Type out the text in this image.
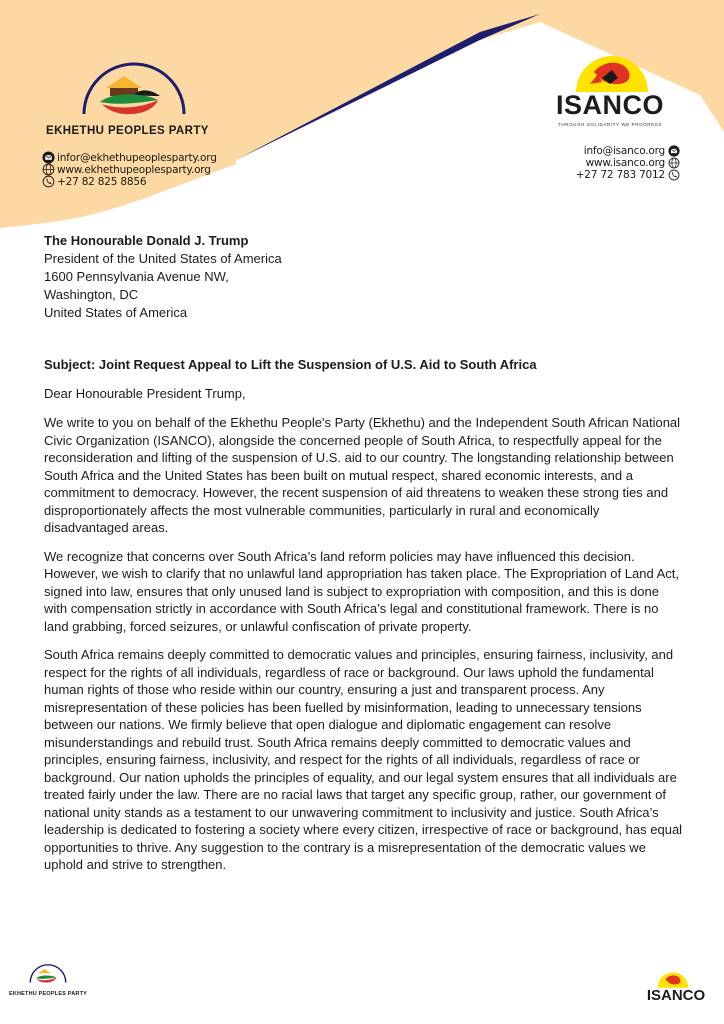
EKHETHU PEOPLES PARTY
infor@ekhethupeoplesparty.org
www.ekhethupeoplesparty.org
+27 82 825 8856
ISANCO
THROUGH SOLIDARITY WE PROGRESS
info@isanco.org
www.isanco.org
+27 72 783 7012
The Honourable Donald J. Trump
President of the United States of America
1600 Pennsylvania Avenue NW,
Washington, DC
United States of America

Subject: Joint Request Appeal to Lift the Suspension of U.S. Aid to South Africa

Dear Honourable President Trump,

We write to you on behalf of the Ekhethu People's Party (Ekhethu) and the Independent South African National Civic Organization (ISANCO), alongside the concerned people of South Africa, to respectfully appeal for the reconsideration and lifting of the suspension of U.S. aid to our country. The longstanding relationship between South Africa and the United States has been built on mutual respect, shared economic interests, and a commitment to democracy. However, the recent suspension of aid threatens to weaken these strong ties and disproportionately affects the most vulnerable communities, particularly in rural and economically disadvantaged areas.

We recognize that concerns over South Africa’s land reform policies may have influenced this decision. However, we wish to clarify that no unlawful land appropriation has taken place. The Expropriation of Land Act, signed into law, ensures that only unused land is subject to expropriation with composition, and this is done with compensation strictly in accordance with South Africa’s legal and constitutional framework. There is no land grabbing, forced seizures, or unlawful confiscation of private property.

South Africa remains deeply committed to democratic values and principles, ensuring fairness, inclusivity, and respect for the rights of all individuals, regardless of race or background. Our laws uphold the fundamental human rights of those who reside within our country, ensuring a just and transparent process. Any misrepresentation of these policies has been fuelled by misinformation, leading to unnecessary tensions between our nations. We firmly believe that open dialogue and diplomatic engagement can resolve misunderstandings and rebuild trust. South Africa remains deeply committed to democratic values and principles, ensuring fairness, inclusivity, and respect for the rights of all individuals, regardless of race or background. Our nation upholds the principles of equality, and our legal system ensures that all individuals are treated fairly under the law. There are no racial laws that target any specific group, rather, our government of national unity stands as a testament to our unwavering commitment to inclusivity and justice. South Africa’s leadership is dedicated to fostering a society where every citizen, irrespective of race or background, has equal opportunities to thrive. Any suggestion to the contrary is a misrepresentation of the democratic values we uphold and strive to strengthen.

EKHETHU PEOPLES PARTY	ISANCO
